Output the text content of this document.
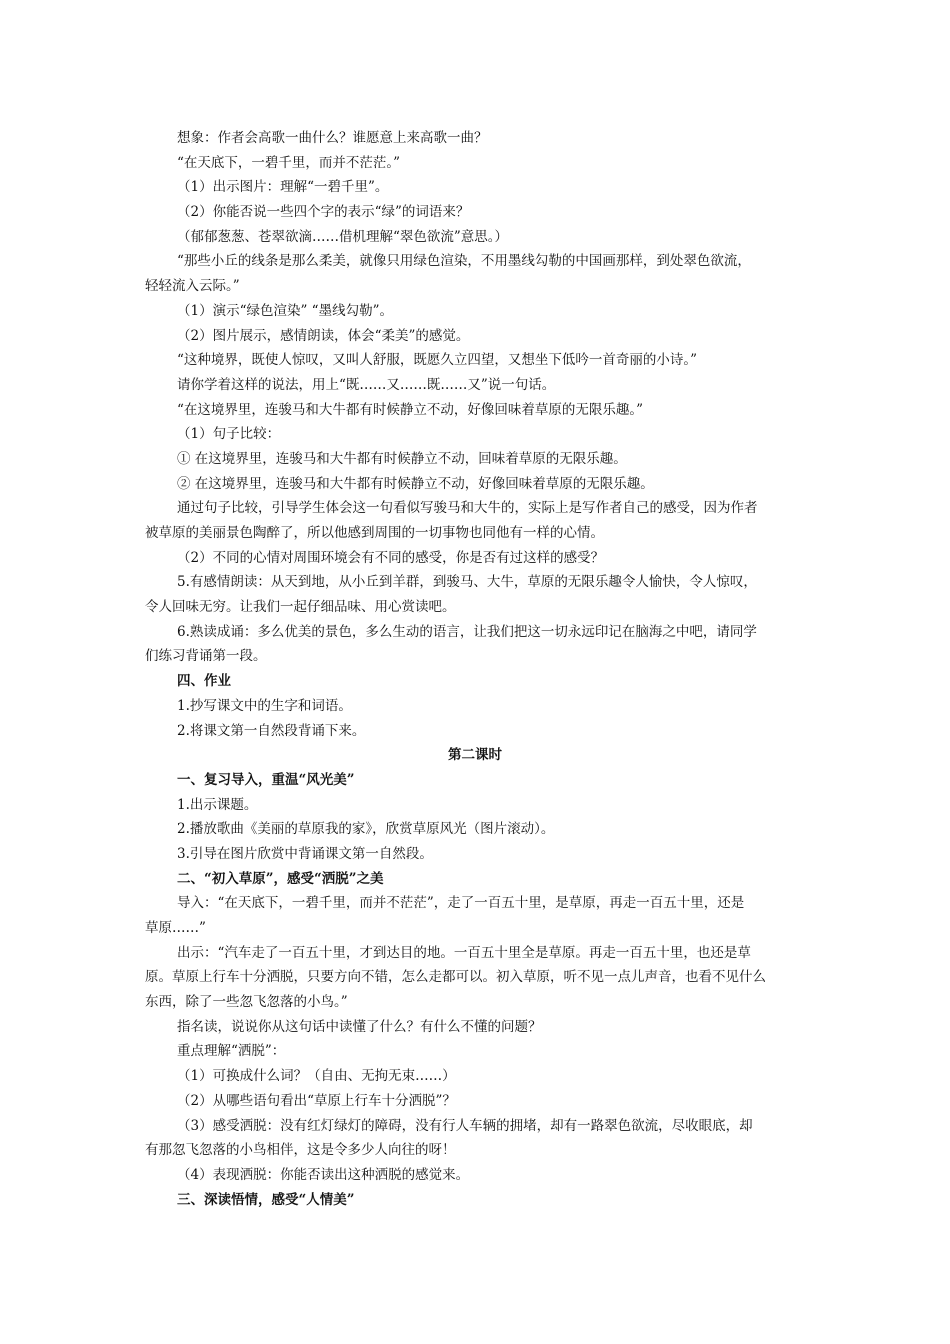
想象：作者会高歌一曲什么？谁愿意上来高歌一曲？
“在天底下，一碧千里，而并不茫茫。”
（1）出示图片：理解“一碧千里”。
（2）你能否说一些四个字的表示“绿”的词语来？
（郁郁葱葱、苍翠欲滴……借机理解“翠色欲流”意思。）
“那些小丘的线条是那么柔美，就像只用绿色渲染，不用墨线勾勒的中国画那样，到处翠色欲流，
轻轻流入云际。”
（1）演示“绿色渲染” “墨线勾勒”。
（2）图片展示，感情朗读，体会“柔美”的感觉。
“这种境界，既使人惊叹，又叫人舒服，既愿久立四望，又想坐下低吟一首奇丽的小诗。”
请你学着这样的说法，用上“既……又……既……又”说一句话。
“在这境界里，连骏马和大牛都有时候静立不动，好像回味着草原的无限乐趣。”
（1）句子比较：
① 在这境界里，连骏马和大牛都有时候静立不动，回味着草原的无限乐趣。
② 在这境界里，连骏马和大牛都有时候静立不动，好像回味着草原的无限乐趣。
通过句子比较，引导学生体会这一句看似写骏马和大牛的，实际上是写作者自己的感受，因为作者
被草原的美丽景色陶醉了，所以他感到周围的一切事物也同他有一样的心情。
（2）不同的心情对周围环境会有不同的感受，你是否有过这样的感受？
5.有感情朗读：从天到地，从小丘到羊群，到骏马、大牛，草原的无限乐趣令人愉快，令人惊叹，
令人回味无穷。让我们一起仔细品味、用心赏读吧。
6.熟读成诵：多么优美的景色，多么生动的语言，让我们把这一切永远印记在脑海之中吧，请同学
们练习背诵第一段。
四、作业
1.抄写课文中的生字和词语。
2.将课文第一自然段背诵下来。
第二课时
一、复习导入，重温“风光美”
1.出示课题。
2.播放歌曲《美丽的草原我的家》，欣赏草原风光（图片滚动）。
3.引导在图片欣赏中背诵课文第一自然段。
二、“初入草原”，感受“洒脱”之美
导入：“在天底下，一碧千里，而并不茫茫”，走了一百五十里，是草原，再走一百五十里，还是
草原……”
出示：“汽车走了一百五十里，才到达目的地。一百五十里全是草原。再走一百五十里，也还是草
原。草原上行车十分洒脱，只要方向不错，怎么走都可以。初入草原，听不见一点儿声音，也看不见什么
东西，除了一些忽飞忽落的小鸟。”
指名读，说说你从这句话中读懂了什么？有什么不懂的问题？
重点理解“洒脱”：
（1）可换成什么词？（自由、无拘无束……）
（2）从哪些语句看出“草原上行车十分洒脱”？
（3）感受洒脱：没有红灯绿灯的障碍，没有行人车辆的拥堵，却有一路翠色欲流，尽收眼底，却
有那忽飞忽落的小鸟相伴，这是令多少人向往的呀！
（4）表现洒脱：你能否读出这种洒脱的感觉来。
三、深读悟情，感受“人情美”
